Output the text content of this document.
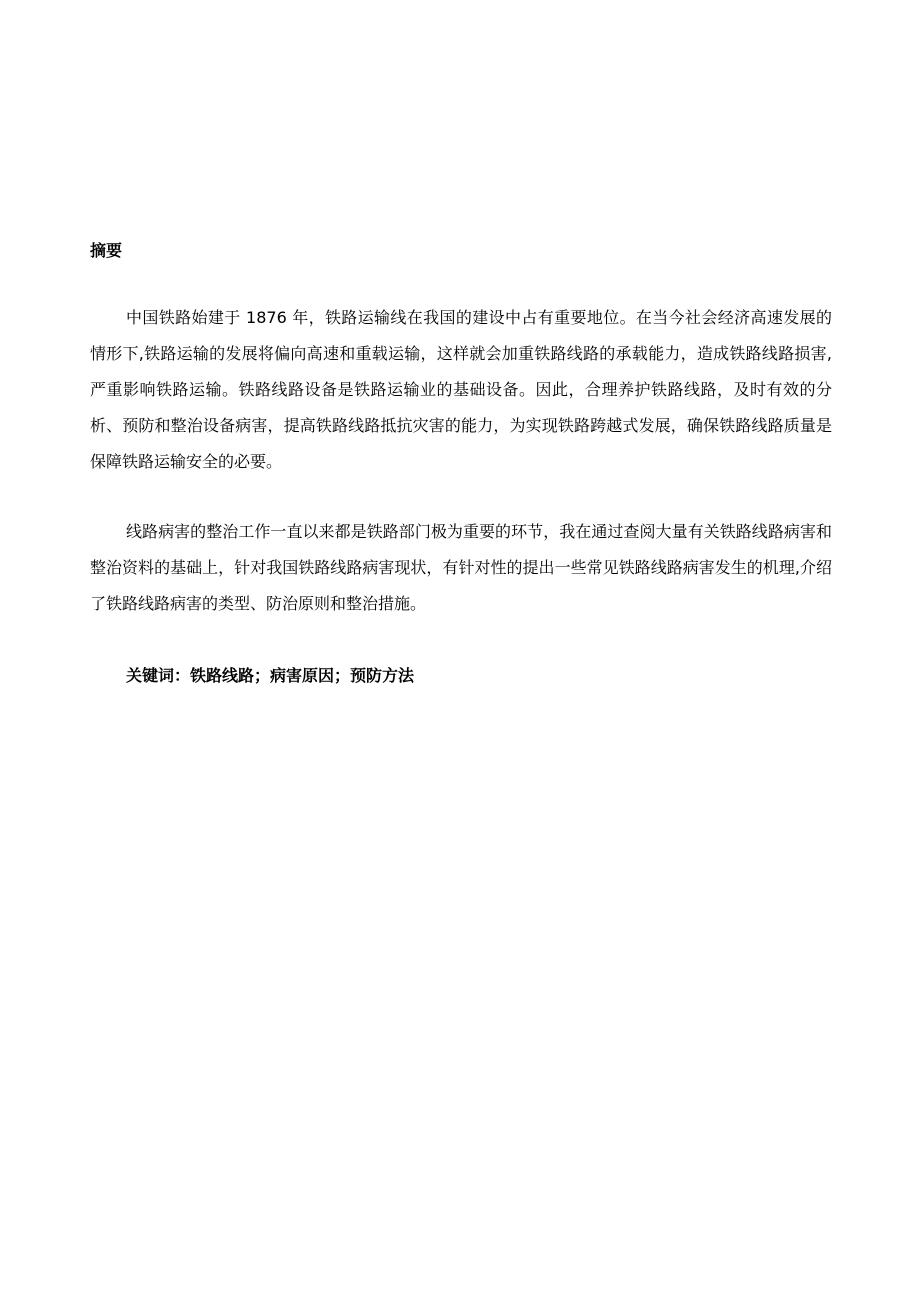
摘要

中国铁路始建于 1876 年，铁路运输线在我国的建设中占有重要地位。在当今社会经济高速发展的情形下,铁路运输的发展将偏向高速和重载运输，这样就会加重铁路线路的承载能力，造成铁路线路损害,严重影响铁路运输。铁路线路设备是铁路运输业的基础设备。因此，合理养护铁路线路，及时有效的分析、预防和整治设备病害，提高铁路线路抵抗灾害的能力，为实现铁路跨越式发展，确保铁路线路质量是保障铁路运输安全的必要。

线路病害的整治工作一直以来都是铁路部门极为重要的环节，我在通过查阅大量有关铁路线路病害和整治资料的基础上，针对我国铁路线路病害现状，有针对性的提出一些常见铁路线路病害发生的机理,介绍了铁路线路病害的类型、防治原则和整治措施。

关键词：铁路线路；病害原因；预防方法
